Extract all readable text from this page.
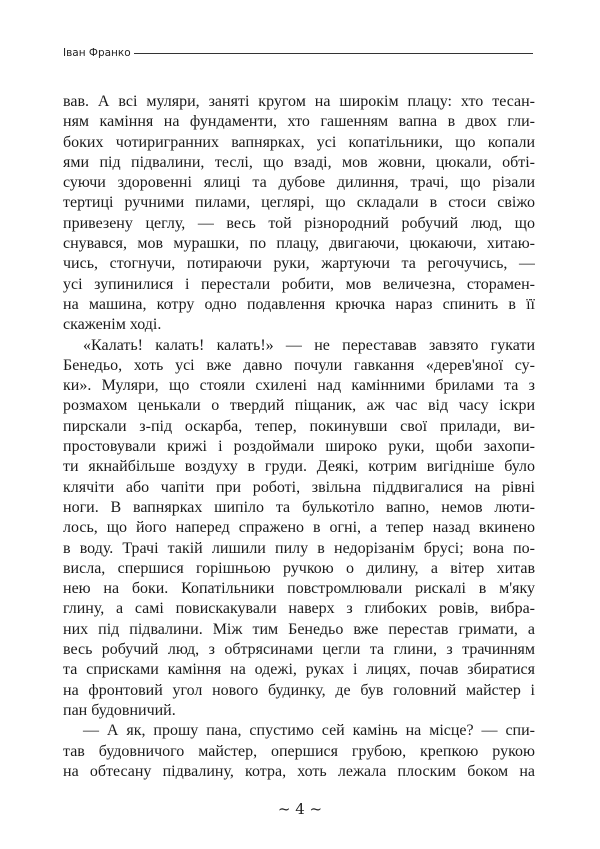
Іван Франко
вав. А всі муляри, заняті кругом на широкім плацу: хто тесан-
ням каміння на фундаменти, хто гашенням вапна в двох гли-
боких чотиригранних вапнярках, усі копатільники, що копали
ями під підвалини, теслі, що взаді, мов жовни, цюкали, обті-
суючи здоровенні ялиці та дубове дилиння, трачі, що різали
тертиці ручними пилами, цеглярі, що складали в стоси свіжо
привезену цеглу, — весь той різнородний робучий люд, що
снувався, мов мурашки, по плацу, двигаючи, цюкаючи, хитаю-
чись, стогнучи, потираючи руки, жартуючи та регочучись, —
усі зупинилися і перестали робити, мов величезна, сторамен-
на машина, котру одно подавлення крючка нараз спинить в її
скаженім ході.
«Калать! калать! калать!» — не переставав завзято гукати
Бенедьо, хоть усі вже давно почули гавкання «дерев'яної су-
ки». Муляри, що стояли схилені над камінними брилами та з
розмахом ценькали о твердий піщаник, аж час від часу іскри
пирскали з-під оскарба, тепер, покинувши свої прилади, ви-
простовували крижі і роздоймали широко руки, щоби захопи-
ти якнайбільше воздуху в груди. Деякі, котрим вигідніше було
клячіти або чапіти при роботі, звільна піддвигалися на рівні
ноги. В вапнярках шипіло та булькотіло вапно, немов люти-
лось, що його наперед спражено в огні, а тепер назад вкинено
в воду. Трачі такій лишили пилу в недорізанім брусі; вона по-
висла, спершися горішньою ручкою о дилину, а вітер хитав
нею на боки. Копатільники повстромлювали рискалі в м'яку
глину, а самі повискакували наверх з глибоких ровів, вибра-
них під підвалини. Між тим Бенедьо вже перестав гримати, а
весь робучий люд, з обтрясинами цегли та глини, з трачинням
та сприсками каміння на одежі, руках і лицях, почав збиратися
на фронтовий угол нового будинку, де був головний майстер і
пан будовничий.
— А як, прошу пана, спустимо сей камінь на місце? — спи-
тав будовничого майстер, опершися грубою, крепкою рукою
на обтесану підвалину, котра, хоть лежала плоским боком на
~ 4 ~
